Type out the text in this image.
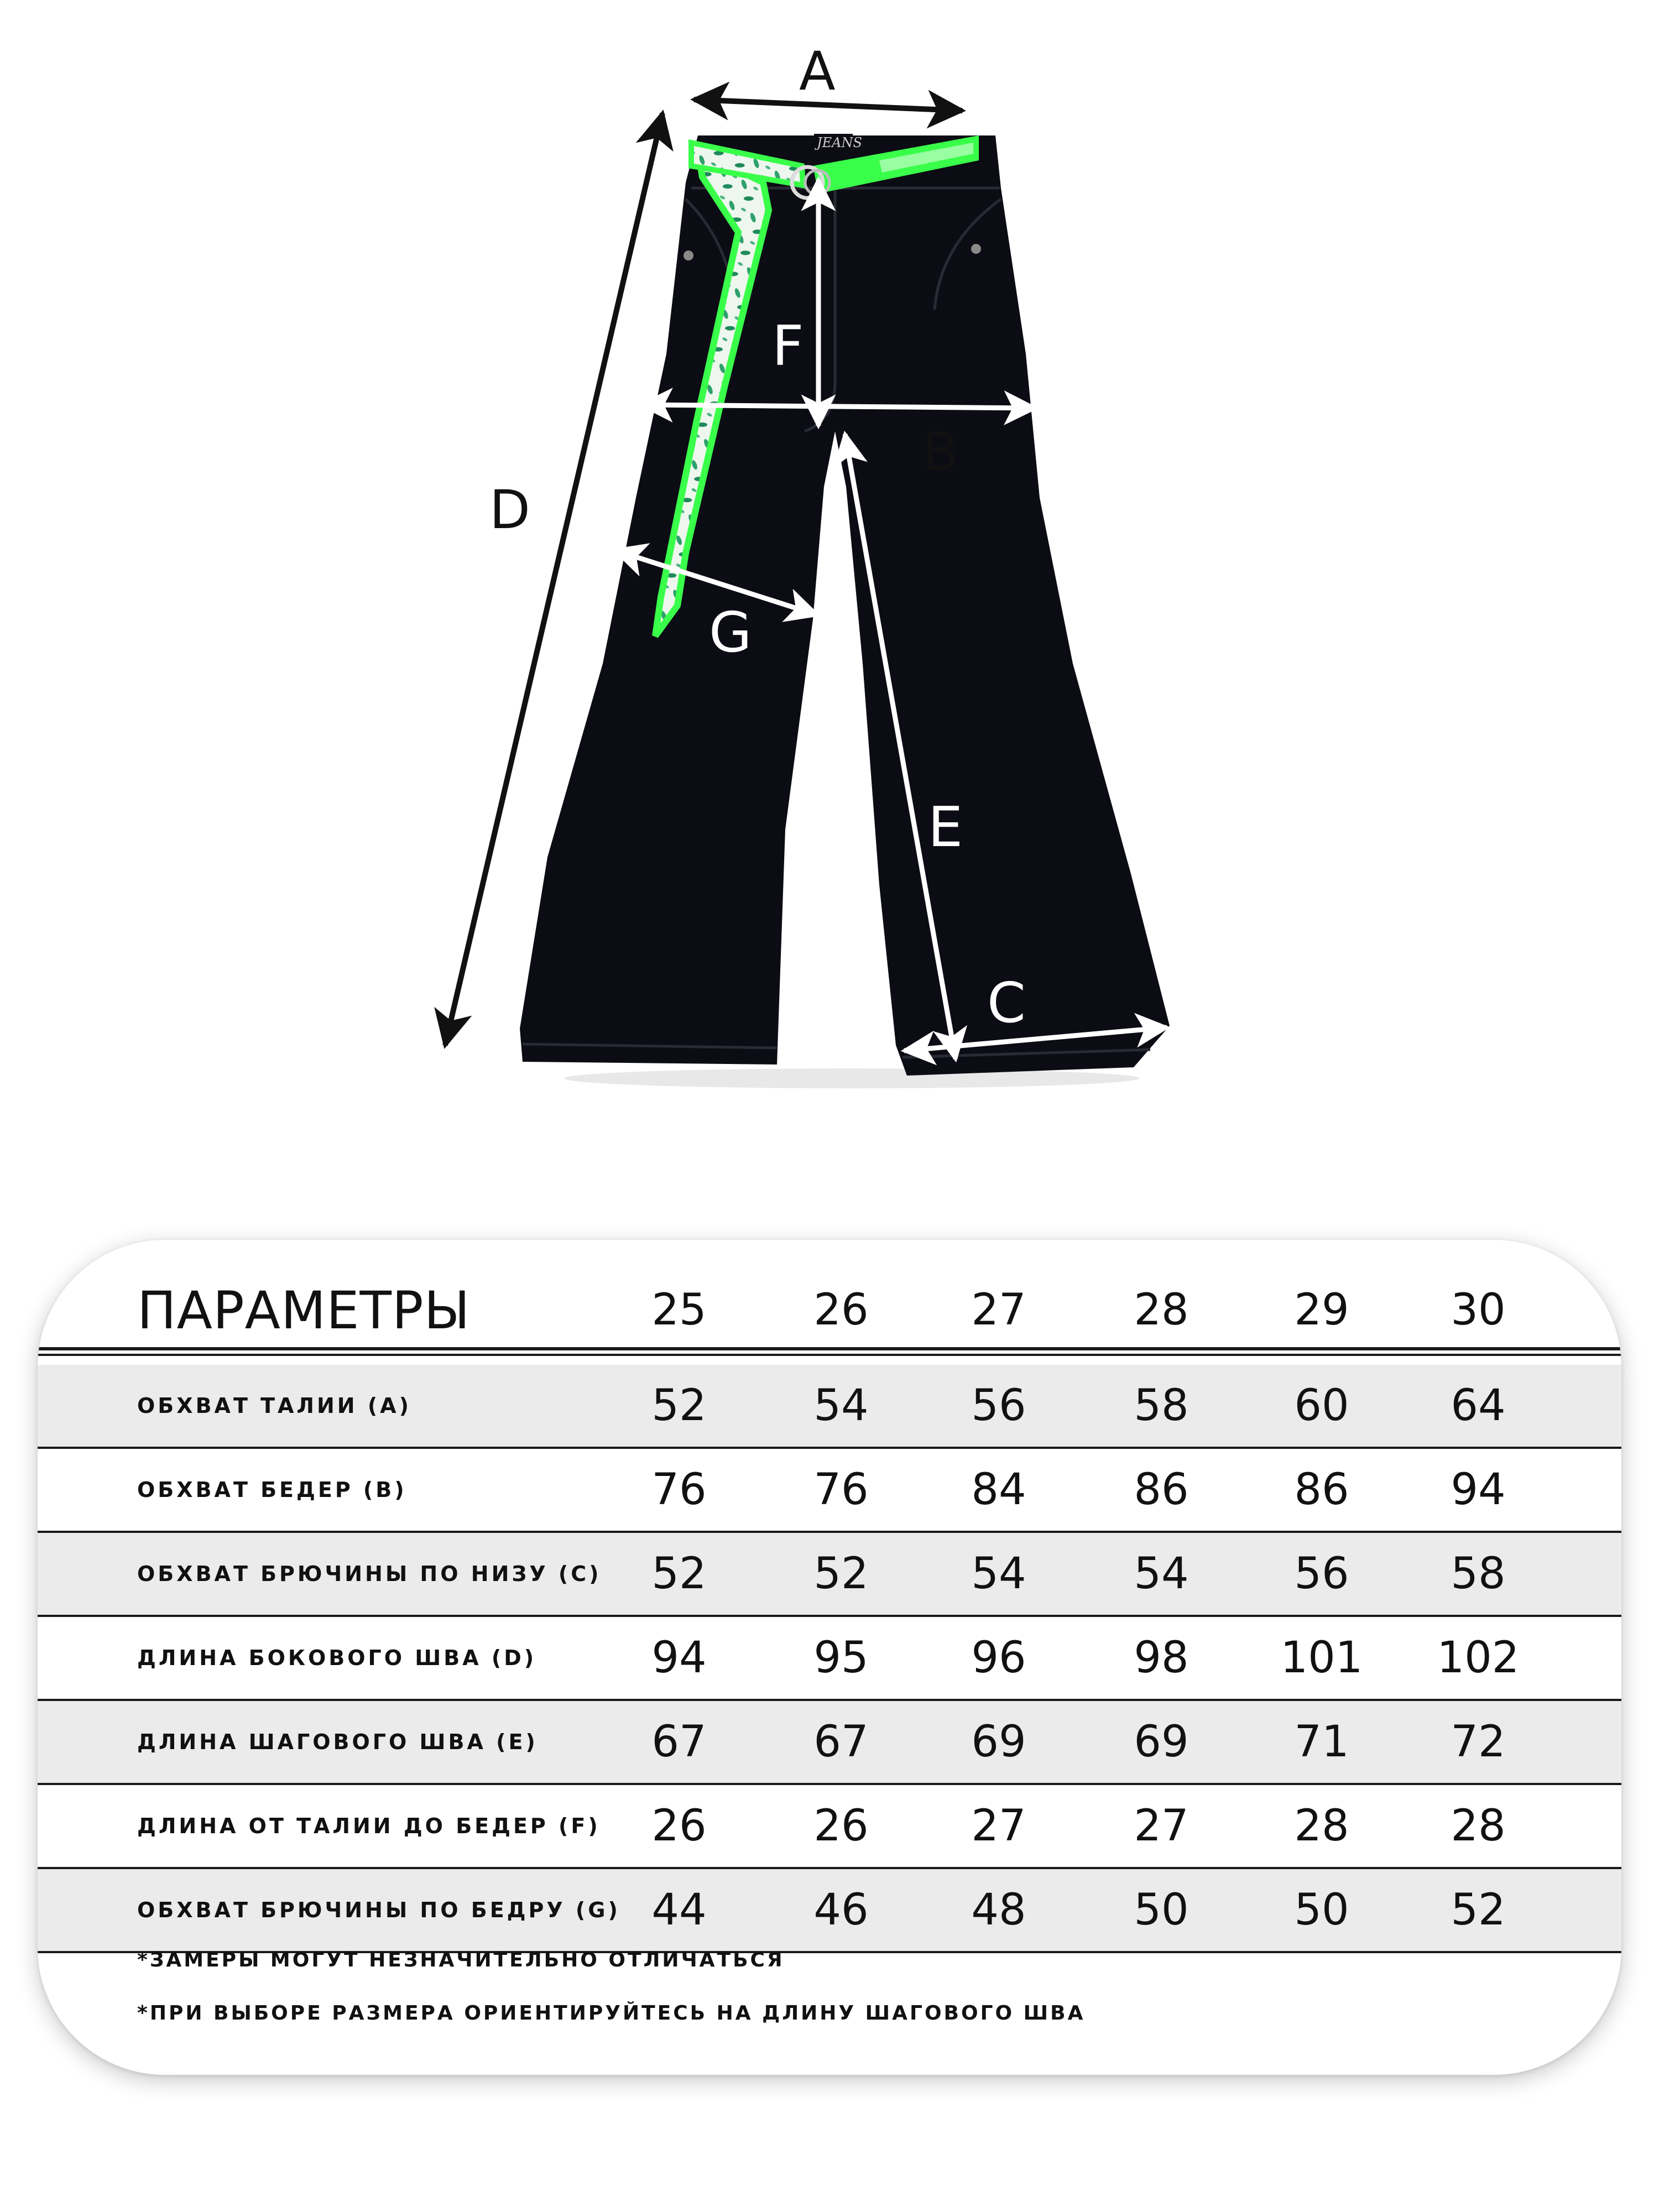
JEANS
A
D
F
B
G
E
C
ПАРАМЕТРЫ	25	26	27	28	29	30
ОБХВАТ ТАЛИИ (A)	52	54	56	58	60	64
ОБХВАТ БЕДЕР (B)	76	76	84	86	86	94
ОБХВАТ БРЮЧИНЫ ПО НИЗУ (C)	52	52	54	54	56	58
ДЛИНА БОКОВОГО ШВА (D)	94	95	96	98	101	102
ДЛИНА ШАГОВОГО ШВА (E)	67	67	69	69	71	72
ДЛИНА ОТ ТАЛИИ ДО БЕДЕР (F)	26	26	27	27	28	28
ОБХВАТ БРЮЧИНЫ ПО БЕДРУ (G) 44	46	48	50	50	52
*ЗАМЕРЫ МОГУТ НЕЗНАЧИТЕЛЬНО ОТЛИЧАТЬСЯ
*ПРИ ВЫБОРЕ РАЗМЕРА ОРИЕНТИРУЙТЕСЬ НА ДЛИНУ ШАГОВОГО ШВА
